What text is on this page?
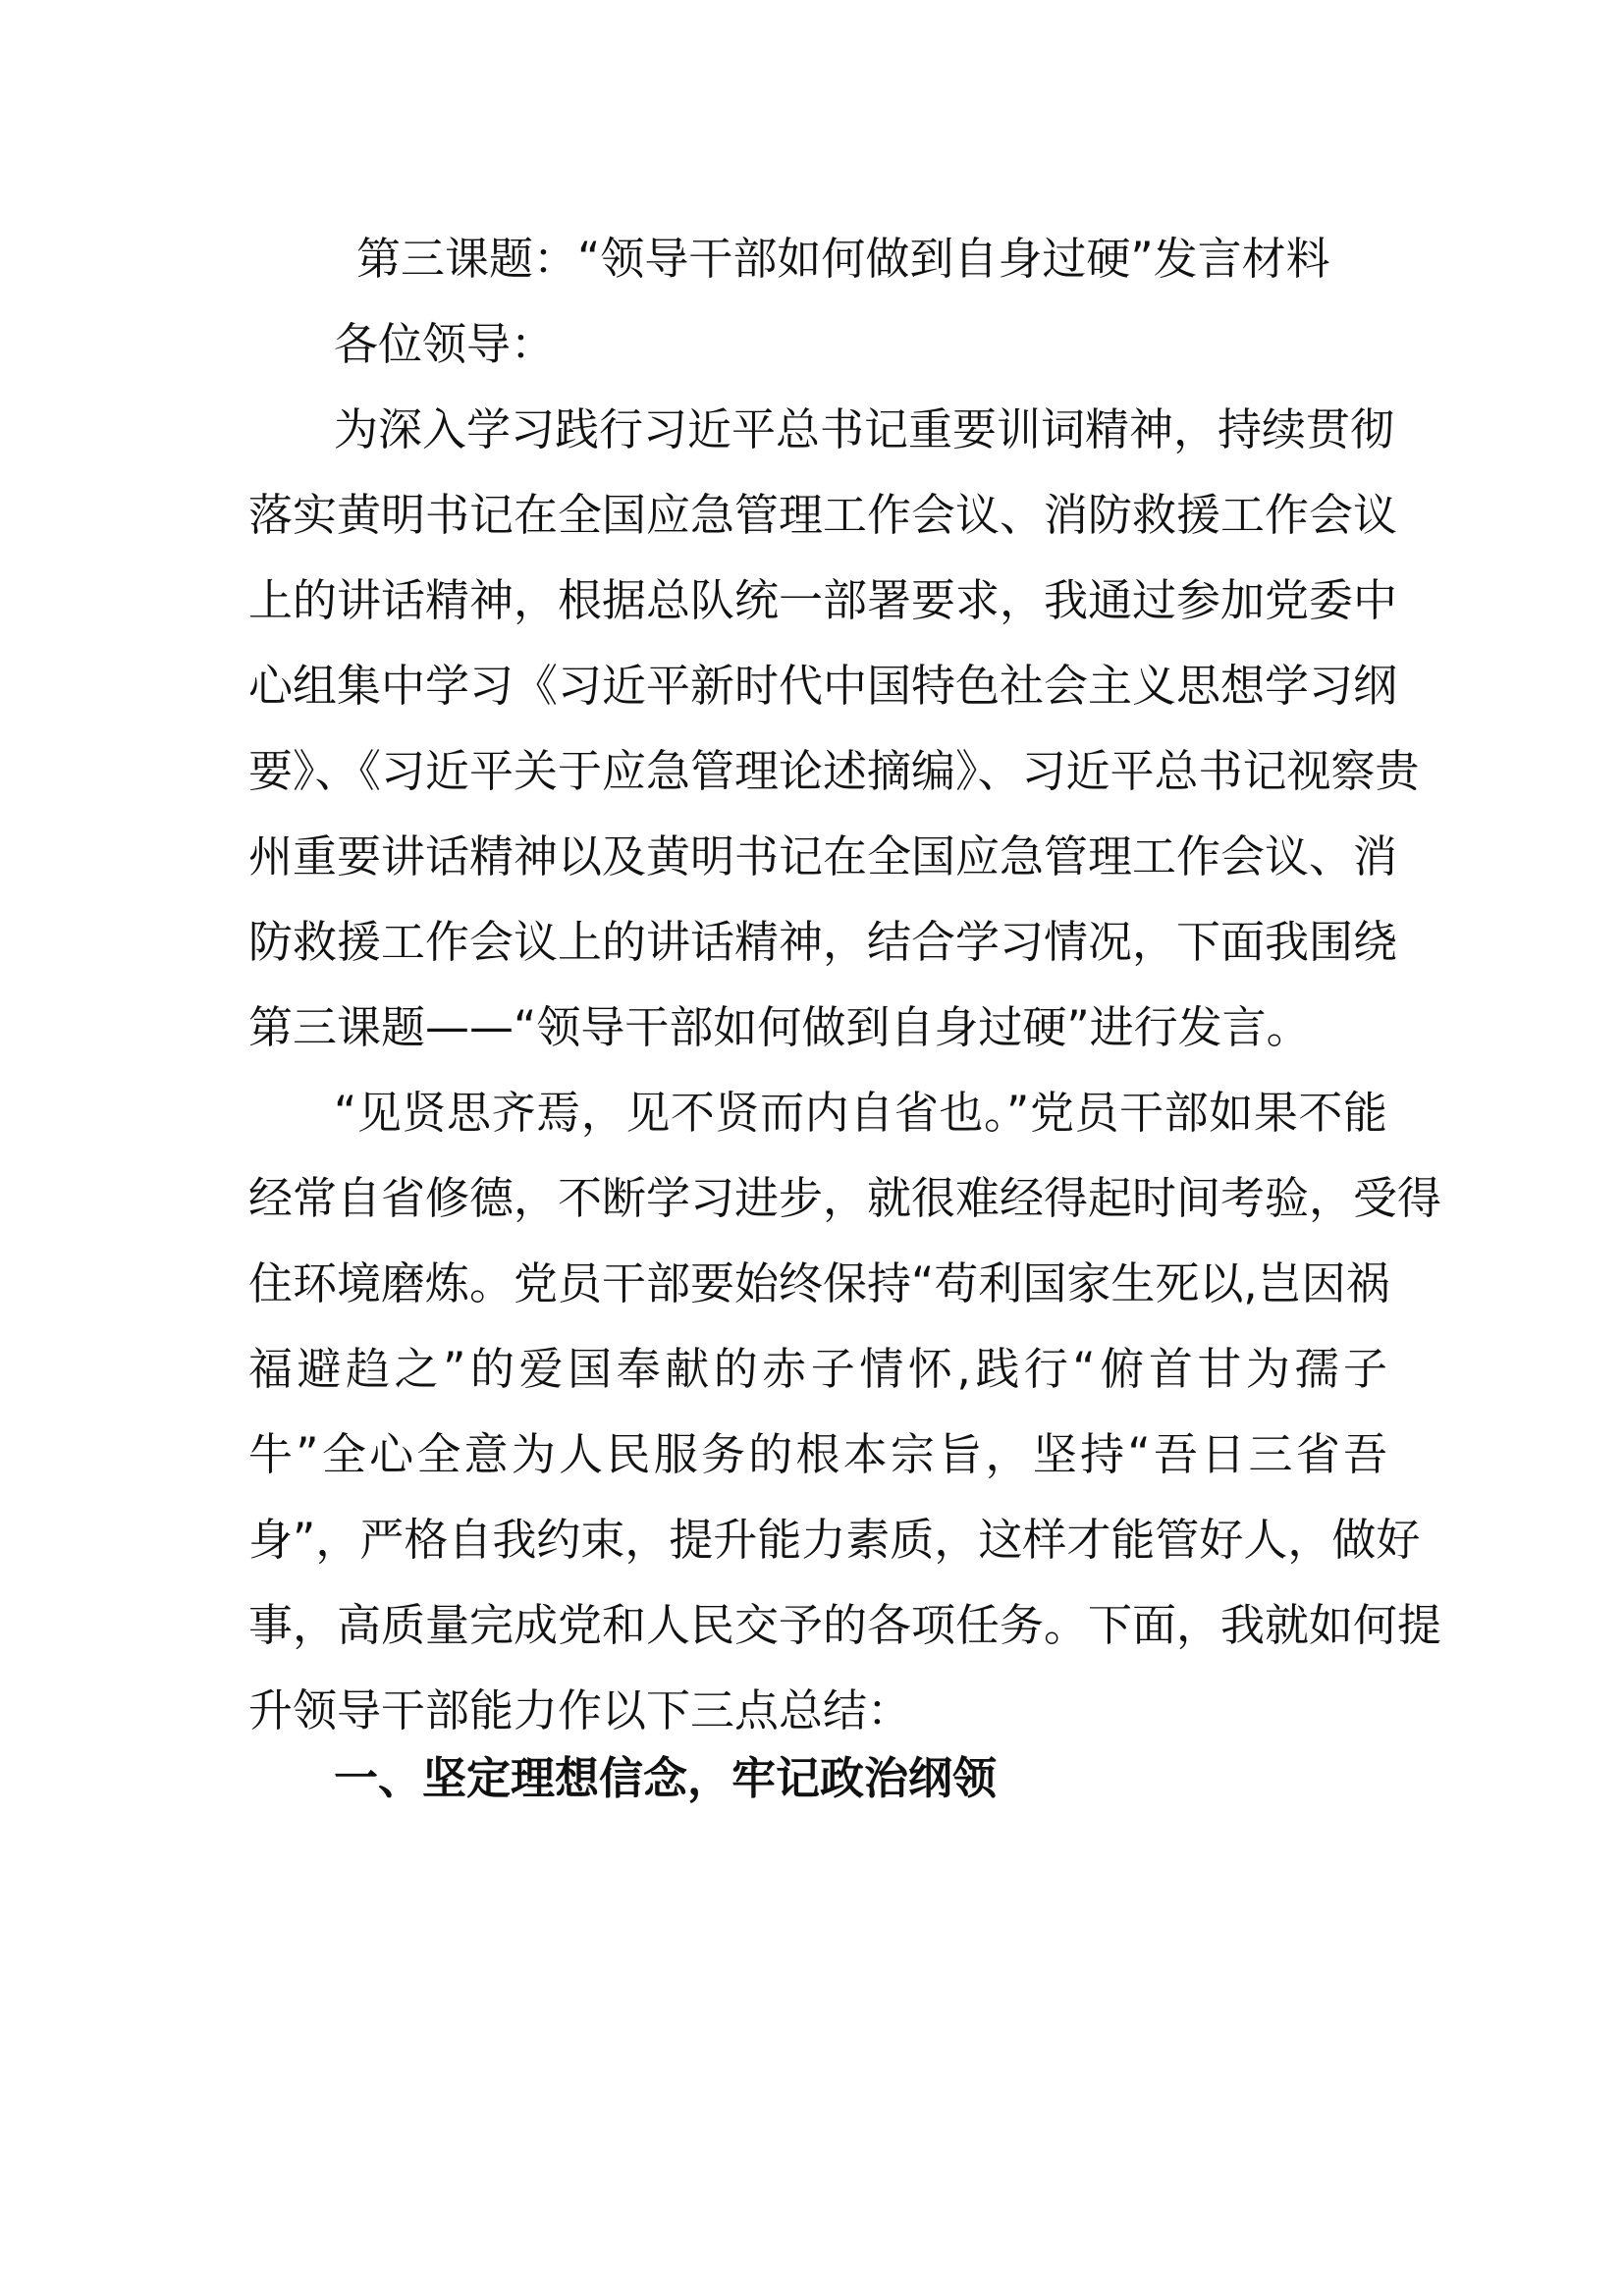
第三课题：“领导干部如何做到自身过硬”发言材料
各位领导：
为深入学习践行习近平总书记重要训词精神，持续贯彻
落实黄明书记在全国应急管理工作会议、消防救援工作会议
上的讲话精神，根据总队统一部署要求，我通过参加党委中
心组集中学习《习近平新时代中国特色社会主义思想学习纲
要》、《习近平关于应急管理论述摘编》、习近平总书记视察贵
州重要讲话精神以及黄明书记在全国应急管理工作会议、消
防救援工作会议上的讲话精神，结合学习情况，下面我围绕
第三课题——“领导干部如何做到自身过硬”进行发言。
“见贤思齐焉，见不贤而内自省也。”党员干部如果不能
经常自省修德，不断学习进步，就很难经得起时间考验，受得
住环境磨炼。党员干部要始终保持“苟利国家生死以,岂因祸
福避趋之”的爱国奉献的赤子情怀,践行“俯首甘为孺子
牛”全心全意为人民服务的根本宗旨，坚持“吾日三省吾
身”，严格自我约束，提升能力素质，这样才能管好人，做好
事，高质量完成党和人民交予的各项任务。下面，我就如何提
升领导干部能力作以下三点总结：
一、坚定理想信念，牢记政治纲领
